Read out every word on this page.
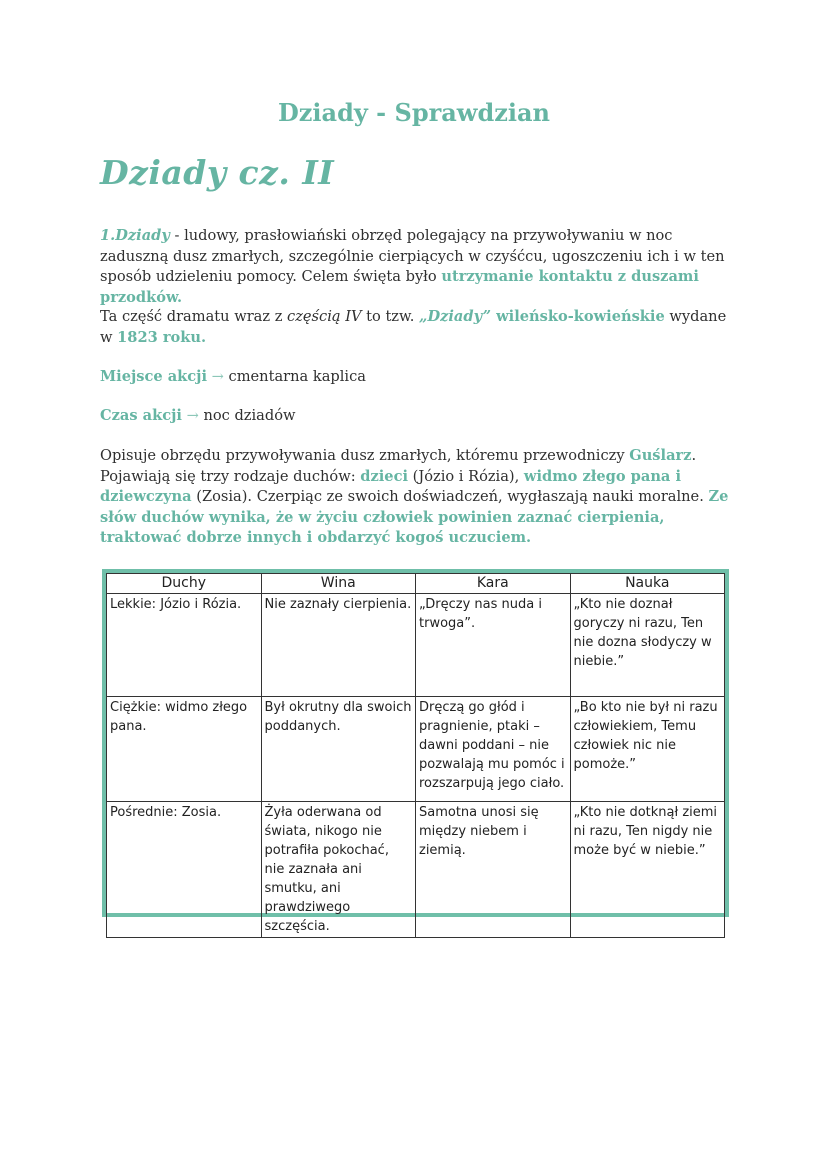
Dziady - Sprawdzian
Dziady cz. II
1.Dziady - ludowy, prasłowiański obrzęd polegający na przywoływaniu w noc zaduszną dusz zmarłych, szczególnie cierpiących w czyśćcu, ugoszczeniu ich i w ten sposób udzieleniu pomocy. Celem święta było utrzymanie kontaktu z duszami przodków.
Ta część dramatu wraz z częścią IV to tzw. „Dziady” wileńsko-kowieńskie wydane w 1823 roku.
Miejsce akcji → cmentarna kaplica
Czas akcji → noc dziadów
Opisuje obrzędu przywoływania dusz zmarłych, któremu przewodniczy Guślarz. Pojawiają się trzy rodzaje duchów: dzieci (Józio i Rózia), widmo złego pana i dziewczyna (Zosia). Czerpiąc ze swoich doświadczeń, wygłaszają nauki moralne. Ze słów duchów wynika, że w życiu człowiek powinien zaznać cierpienia, traktować dobrze innych i obdarzyć kogoś uczuciem.
Duchy	Wina	Kara	Nauka
Lekkie: Józio i Rózia.	Nie zaznały cierpienia.	„Dręczy nas nuda i trwoga”.	„Kto nie doznał goryczy ni razu, Ten nie dozna słodyczy w niebie.”
Ciężkie: widmo złego pana.	Był okrutny dla swoich poddanych.	Dręczą go głód i pragnienie, ptaki – dawni poddani – nie pozwalają mu pomóc i rozszarpują jego ciało.	„Bo kto nie był ni razu człowiekiem, Temu człowiek nic nie pomoże.”
Pośrednie: Zosia.	Żyła oderwana od świata, nikogo nie potrafiła pokochać, nie zaznała ani smutku, ani prawdziwego szczęścia.	Samotna unosi się między niebem i ziemią.	„Kto nie dotknął ziemi ni razu, Ten nigdy nie może być w niebie.”
